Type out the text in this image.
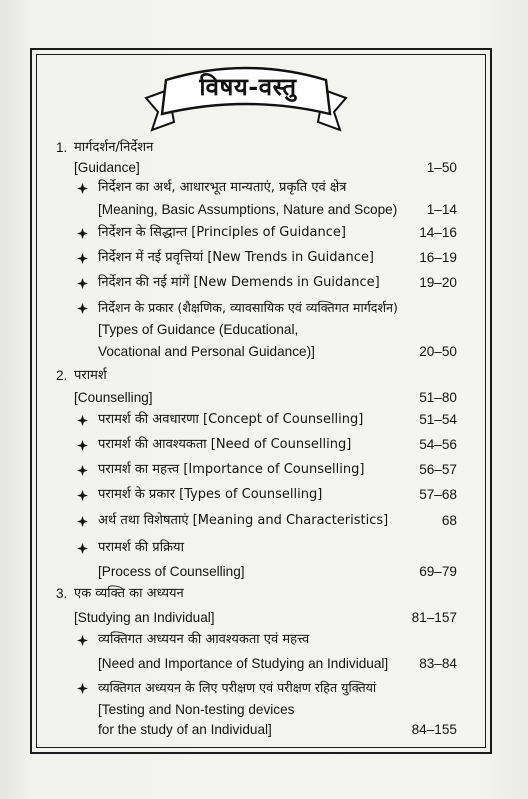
विषय-वस्तु
1. मार्गदर्शन/निर्देशन
[Guidance]	1–50
निर्देशन का अर्थ, आधारभूत मान्यताएं, प्रकृति एवं क्षेत्र
[Meaning, Basic Assumptions, Nature and Scope) 1–14
निर्देशन के सिद्धान्त [Principles of Guidance]	14–16
निर्देशन में नई प्रवृत्तियां [New Trends in Guidance]	16–19
निर्देशन की नई मांगें [New Demends in Guidance]	19–20
निर्देशन के प्रकार (शैक्षणिक, व्यावसायिक एवं व्यक्तिगत मार्गदर्शन)
[Types of Guidance (Educational,
Vocational and Personal Guidance)]	20–50
2. परामर्श
[Counselling]	51–80
परामर्श की अवधारणा [Concept of Counselling]	51–54
परामर्श की आवश्यकता [Need of Counselling]	54–56
परामर्श का महत्त्व [Importance of Counselling]	56–57
परामर्श के प्रकार [Types of Counselling]	57–68
अर्थ तथा विशेषताएं [Meaning and Characteristics]	68
परामर्श की प्रक्रिया
[Process of Counselling]	69–79
3. एक व्यक्ति का अध्ययन
[Studying an Individual]	81–157
व्यक्तिगत अध्ययन की आवश्यकता एवं महत्त्व
[Need and Importance of Studying an Individual] 83–84
व्यक्तिगत अध्ययन के लिए परीक्षण एवं परीक्षण रहित युक्तियां
[Testing and Non-testing devices
for the study of an Individual]	84–155
